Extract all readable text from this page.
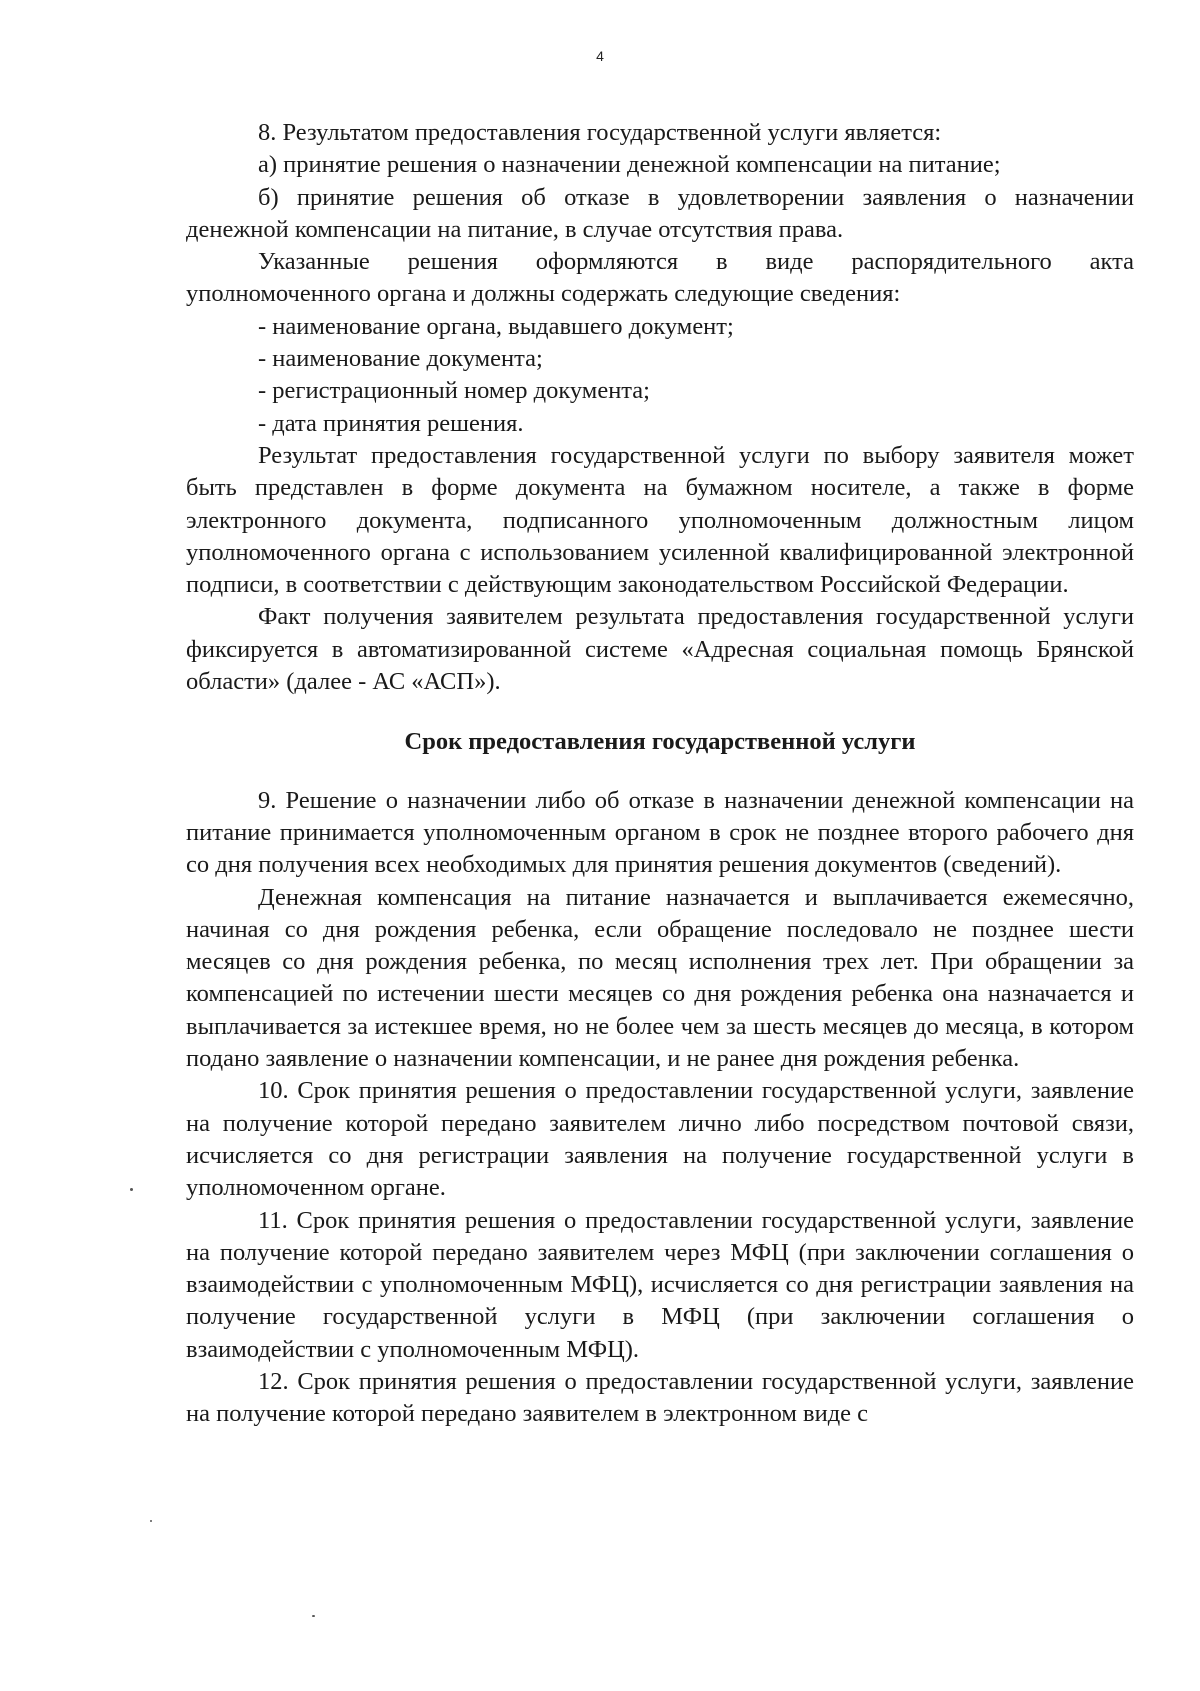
4

8. Результатом предоставления государственной услуги является:

а) принятие решения о назначении денежной компенсации на питание;

б) принятие решения об отказе в удовлетворении заявления о назначении денежной компенсации на питание, в случае отсутствия права.

Указанные решения оформляются в виде распорядительного акта уполномоченного органа и должны содержать следующие сведения:

- наименование органа, выдавшего документ;

- наименование документа;

- регистрационный номер документа;

- дата принятия решения.

Результат предоставления государственной услуги по выбору заявителя может быть представлен в форме документа на бумажном носителе, а также в форме электронного документа, подписанного уполномоченным должностным лицом уполномоченного органа с использованием усиленной квалифицированной электронной подписи, в соответствии с действующим законодательством Российской Федерации.

Факт получения заявителем результата предоставления государственной услуги фиксируется в автоматизированной системе «Адресная социальная помощь Брянской области» (далее - АС «АСП»).

Срок предоставления государственной услуги

9. Решение о назначении либо об отказе в назначении денежной компенсации на питание принимается уполномоченным органом в срок не позднее второго рабочего дня со дня получения всех необходимых для принятия решения документов (сведений).

Денежная компенсация на питание назначается и выплачивается ежемесячно, начиная со дня рождения ребенка, если обращение последовало не позднее шести месяцев со дня рождения ребенка, по месяц исполнения трех лет. При обращении за компенсацией по истечении шести месяцев со дня рождения ребенка она назначается и выплачивается за истекшее время, но не более чем за шесть месяцев до месяца, в котором подано заявление о назначении компенсации, и не ранее дня рождения ребенка.

10. Срок принятия решения о предоставлении государственной услуги, заявление на получение которой передано заявителем лично либо посредством почтовой связи, исчисляется со дня регистрации заявления на получение государственной услуги в уполномоченном органе.

11. Срок принятия решения о предоставлении государственной услуги, заявление на получение которой передано заявителем через МФЦ (при заключении соглашения о взаимодействии с уполномоченным МФЦ), исчисляется со дня регистрации заявления на получение государственной услуги в МФЦ (при заключении соглашения о взаимодействии с уполномоченным МФЦ).

12. Срок принятия решения о предоставлении государственной услуги, заявление на получение которой передано заявителем в электронном виде с
